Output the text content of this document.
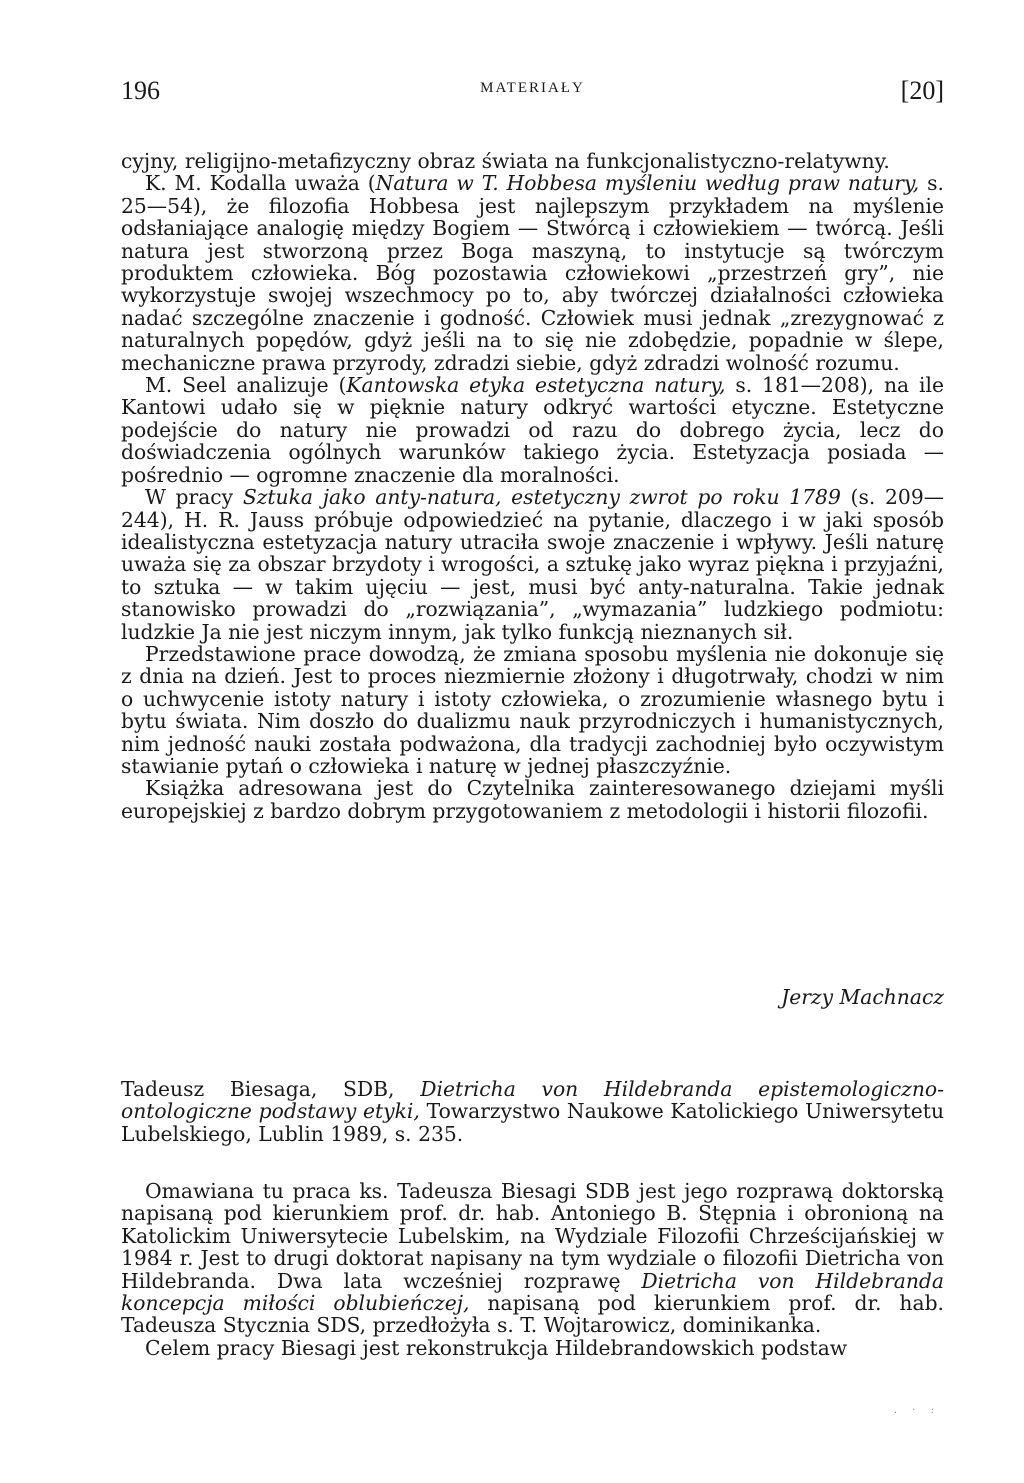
196	MATERIAŁY	[20]

cyjny, religijno-metafizyczny obraz świata na funkcjonalistyczno-relatywny.

K. M. Kodalla uważa (Natura w T. Hobbesa myśleniu według praw natury, s. 25—54), że filozofia Hobbesa jest najlepszym przykładem na myślenie odsłaniające analogię między Bogiem — Stwórcą i człowiekiem — twórcą. Jeśli natura jest stworzoną przez Boga maszyną, to instytucje są twórczym produktem człowieka. Bóg pozostawia człowiekowi „przestrzeń gry”, nie wykorzystuje swojej wszechmocy po to, aby twórczej działalności człowieka nadać szczególne znaczenie i godność. Człowiek musi jednak „zrezygnować z naturalnych popędów, gdyż jeśli na to się nie zdobędzie, popadnie w ślepe, mechaniczne prawa przyrody, zdradzi siebie, gdyż zdradzi wolność rozumu.

M. Seel analizuje (Kantowska etyka estetyczna natury, s. 181—208), na ile Kantowi udało się w pięknie natury odkryć wartości etyczne. Estetyczne podejście do natury nie prowadzi od razu do dobrego życia, lecz do doświadczenia ogólnych warunków takiego życia. Estetyzacja posiada — pośrednio — ogromne znaczenie dla moralności.

W pracy Sztuka jako anty-natura, estetyczny zwrot po roku 1789 (s. 209—244), H. R. Jauss próbuje odpowiedzieć na pytanie, dlaczego i w jaki sposób idealistyczna estetyzacja natury utraciła swoje znaczenie i wpływy. Jeśli naturę uważa się za obszar brzydoty i wrogości, a sztukę jako wyraz piękna i przyjaźni, to sztuka — w takim ujęciu — jest, musi być anty-naturalna. Takie jednak stanowisko prowadzi do „rozwiązania”, „wymazania” ludzkiego podmiotu: ludzkie Ja nie jest niczym innym, jak tylko funkcją nieznanych sił.

Przedstawione prace dowodzą, że zmiana sposobu myślenia nie dokonuje się z dnia na dzień. Jest to proces niezmiernie złożony i długotrwały, chodzi w nim o uchwycenie istoty natury i istoty człowieka, o zrozumienie własnego bytu i bytu świata. Nim doszło do dualizmu nauk przyrodniczych i humanistycznych, nim jedność nauki została podważona, dla tradycji zachodniej było oczywistym stawianie pytań o człowieka i naturę w jednej płaszczyźnie.

Książka adresowana jest do Czytelnika zainteresowanego dziejami myśli europejskiej z bardzo dobrym przygotowaniem z metodologii i historii filozofii.

Jerzy Machnacz

Tadeusz Biesaga, SDB, Dietricha von Hildebranda epistemologiczno-ontologiczne podstawy etyki, Towarzystwo Naukowe Katolickiego Uniwersytetu Lubelskiego, Lublin 1989, s. 235.

Omawiana tu praca ks. Tadeusza Biesagi SDB jest jego rozprawą doktorską napisaną pod kierunkiem prof. dr. hab. Antoniego B. Stępnia i obronioną na Katolickim Uniwersytecie Lubelskim, na Wydziale Filozofii Chrześcijańskiej w 1984 r. Jest to drugi doktorat napisany na tym wydziale o filozofii Dietricha von Hildebranda. Dwa lata wcześniej rozprawę Dietricha von Hildebranda koncepcja miłości oblubieńczej, napisaną pod kierunkiem prof. dr. hab. Tadeusza Stycznia SDS, przedłożyła s. T. Wojtarowicz, dominikanka.

Celem pracy Biesagi jest rekonstrukcja Hildebrandowskich podstaw

. · :
